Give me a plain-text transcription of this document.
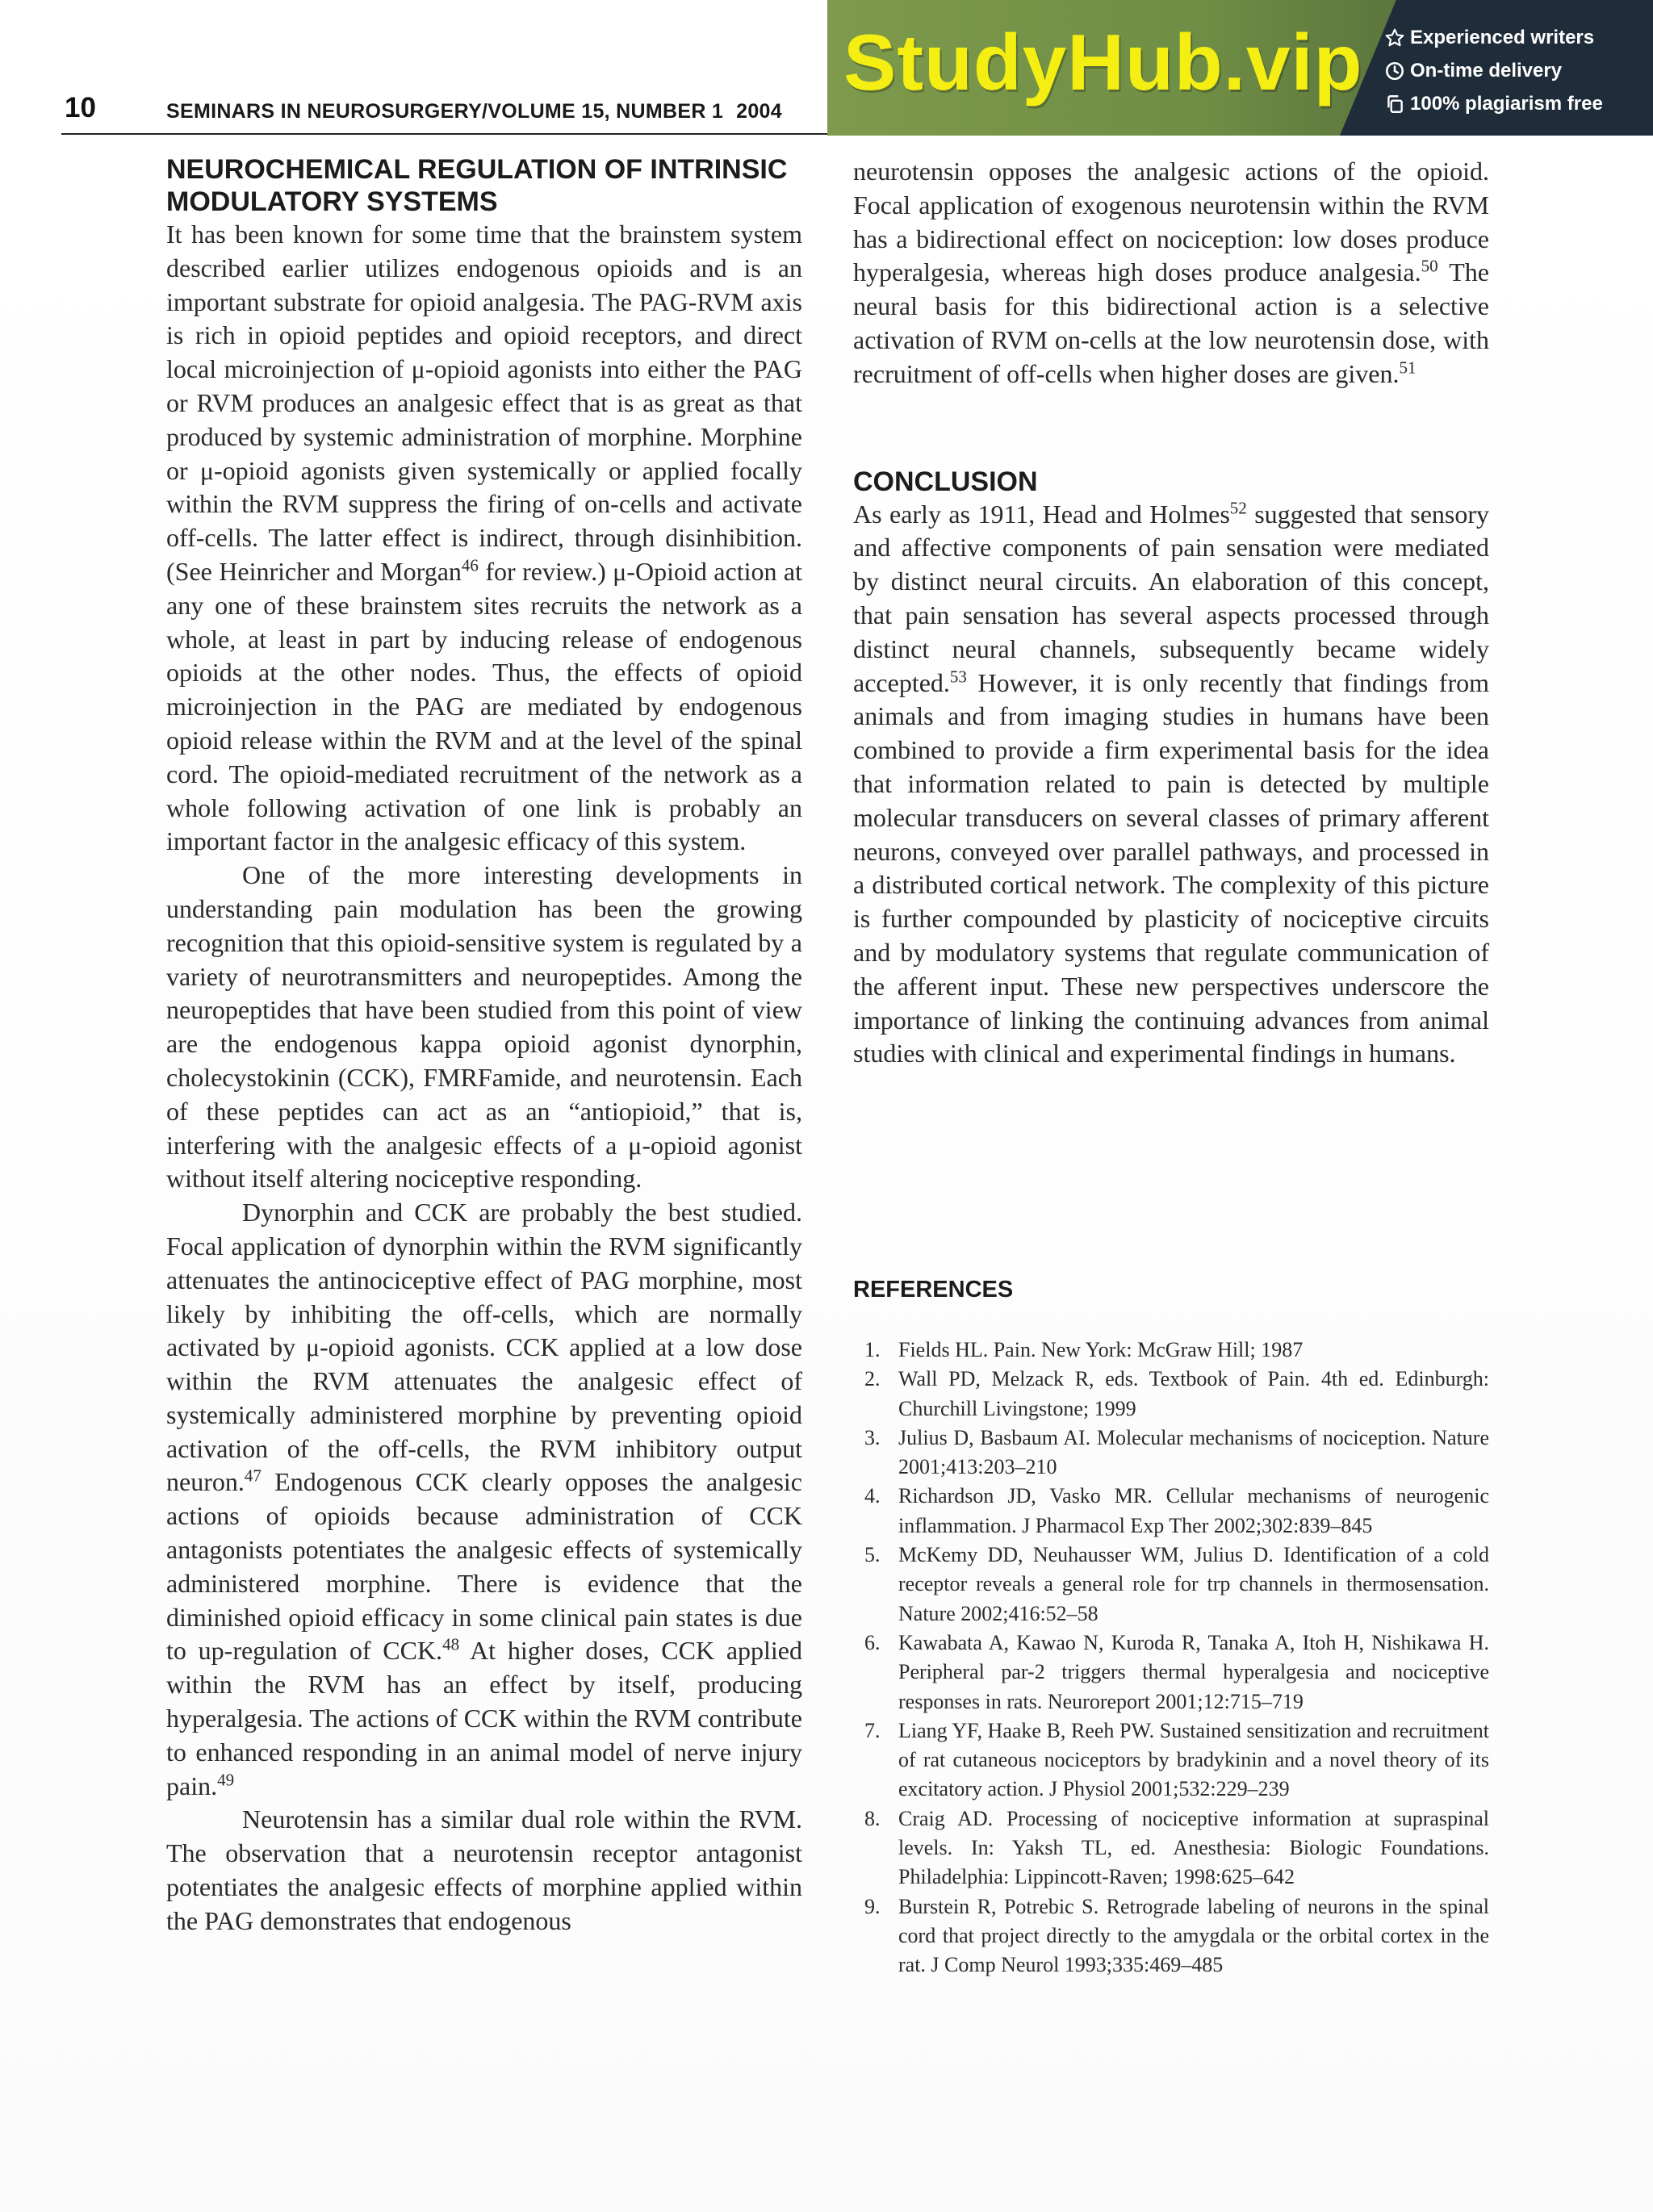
10	SEMINARS IN NEUROSURGERY/VOLUME 15, NUMBER 1 2004
StudyHub.vip Experienced writers
On-time delivery
100% plagiarism free
NEUROCHEMICAL REGULATION OF INTRINSIC MODULATORY SYSTEMS

It has been known for some time that the brainstem system described earlier utilizes endogenous opioids and is an important substrate for opioid analgesia. The PAG-RVM axis is rich in opioid peptides and opioid receptors, and direct local microinjection of μ-opioid agonists into either the PAG or RVM produces an analgesic effect that is as great as that produced by systemic administration of morphine. Morphine or μ-opioid agonists given systemically or applied focally within the RVM suppress the firing of on-cells and activate off-cells. The latter effect is indirect, through disinhibition. (See Heinricher and Morgan$^{46}$ for review.) μ-Opioid action at any one of these brainstem sites recruits the network as a whole, at least in part by inducing release of endogenous opioids at the other nodes. Thus, the effects of opioid microinjection in the PAG are mediated by endogenous opioid release within the RVM and at the level of the spinal cord. The opioid-mediated recruitment of the network as a whole following activation of one link is probably an important factor in the analgesic efficacy of this system.

One of the more interesting developments in understanding pain modulation has been the growing recognition that this opioid-sensitive system is regulated by a variety of neurotransmitters and neuropeptides. Among the neuropeptides that have been studied from this point of view are the endogenous kappa opioid agonist dynorphin, cholecystokinin (CCK), FMRFamide, and neurotensin. Each of these peptides can act as an “antiopioid,” that is, interfering with the analgesic effects of a μ-opioid agonist without itself altering nociceptive responding.

Dynorphin and CCK are probably the best studied. Focal application of dynorphin within the RVM significantly attenuates the antinociceptive effect of PAG morphine, most likely by inhibiting the off-cells, which are normally activated by μ-opioid agonists. CCK applied at a low dose within the RVM attenuates the analgesic effect of systemically administered morphine by preventing opioid activation of the off-cells, the RVM inhibitory output neuron.$^{47}$ Endogenous CCK clearly opposes the analgesic actions of opioids because administration of CCK antagonists potentiates the analgesic effects of systemically administered morphine. There is evidence that the diminished opioid efficacy in some clinical pain states is due to up-regulation of CCK.$^{48}$ At higher doses, CCK applied within the RVM has an effect by itself, producing hyperalgesia. The actions of CCK within the RVM contribute to enhanced responding in an animal model of nerve injury pain.$^{49}$

Neurotensin has a similar dual role within the RVM. The observation that a neurotensin receptor antagonist potentiates the analgesic effects of morphine applied within the PAG demonstrates that endogenous

neurotensin opposes the analgesic actions of the opioid. Focal application of exogenous neurotensin within the RVM has a bidirectional effect on nociception: low doses produce hyperalgesia, whereas high doses produce analgesia.$^{50}$ The neural basis for this bidirectional action is a selective activation of RVM on-cells at the low neurotensin dose, with recruitment of off-cells when higher doses are given.$^{51}$

CONCLUSION

As early as 1911, Head and Holmes$^{52}$ suggested that sensory and affective components of pain sensation were mediated by distinct neural circuits. An elaboration of this concept, that pain sensation has several aspects processed through distinct neural channels, subsequently became widely accepted.$^{53}$ However, it is only recently that findings from animals and from imaging studies in humans have been combined to provide a firm experimental basis for the idea that information related to pain is detected by multiple molecular transducers on several classes of primary afferent neurons, conveyed over parallel pathways, and processed in a distributed cortical network. The complexity of this picture is further compounded by plasticity of nociceptive circuits and by modulatory systems that regulate communication of the afferent input. These new perspectives underscore the importance of linking the continuing advances from animal studies with clinical and experimental findings in humans.

REFERENCES
1. Fields HL. Pain. New York: McGraw Hill; 1987
2. Wall PD, Melzack R, eds. Textbook of Pain. 4th ed. Edinburgh: Churchill Livingstone; 1999
3. Julius D, Basbaum AI. Molecular mechanisms of nociception. Nature 2001;413:203–210
4. Richardson JD, Vasko MR. Cellular mechanisms of neurogenic inflammation. J Pharmacol Exp Ther 2002;302:839–845
5. McKemy DD, Neuhausser WM, Julius D. Identification of a cold receptor reveals a general role for trp channels in thermosensation. Nature 2002;416:52–58
6. Kawabata A, Kawao N, Kuroda R, Tanaka A, Itoh H, Nishikawa H. Peripheral par-2 triggers thermal hyperalgesia and nociceptive responses in rats. Neuroreport 2001;12:715–719
7. Liang YF, Haake B, Reeh PW. Sustained sensitization and recruitment of rat cutaneous nociceptors by bradykinin and a novel theory of its excitatory action. J Physiol 2001;532:229–239
8. Craig AD. Processing of nociceptive information at supraspinal levels. In: Yaksh TL, ed. Anesthesia: Biologic Foundations. Philadelphia: Lippincott-Raven; 1998:625–642
9. Burstein R, Potrebic S. Retrograde labeling of neurons in the spinal cord that project directly to the amygdala or the orbital cortex in the rat. J Comp Neurol 1993;335:469–485
